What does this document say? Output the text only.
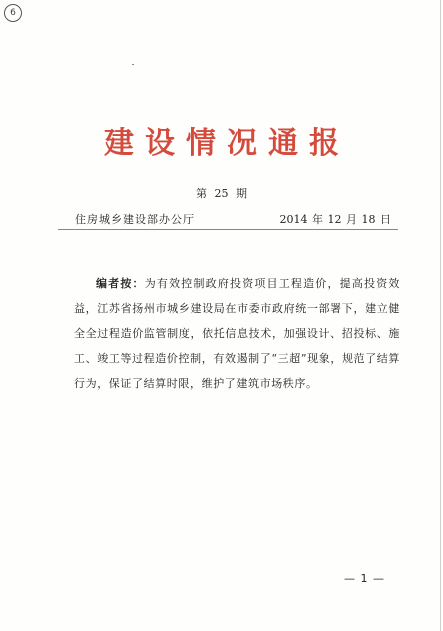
6
建设情况通报
第 25 期
住房城乡建设部办公厅	2014 年 12 月 18 日
编者按：为有效控制政府投资项目工程造价，提高投资效益，江苏省扬州市城乡建设局在市委市政府统一部署下，建立健全全过程造价监管制度，依托信息技术，加强设计、招投标、施工、竣工等过程造价控制，有效遏制了“三超”现象，规范了结算行为，保证了结算时限，维护了建筑市场秩序。
— 1 —
